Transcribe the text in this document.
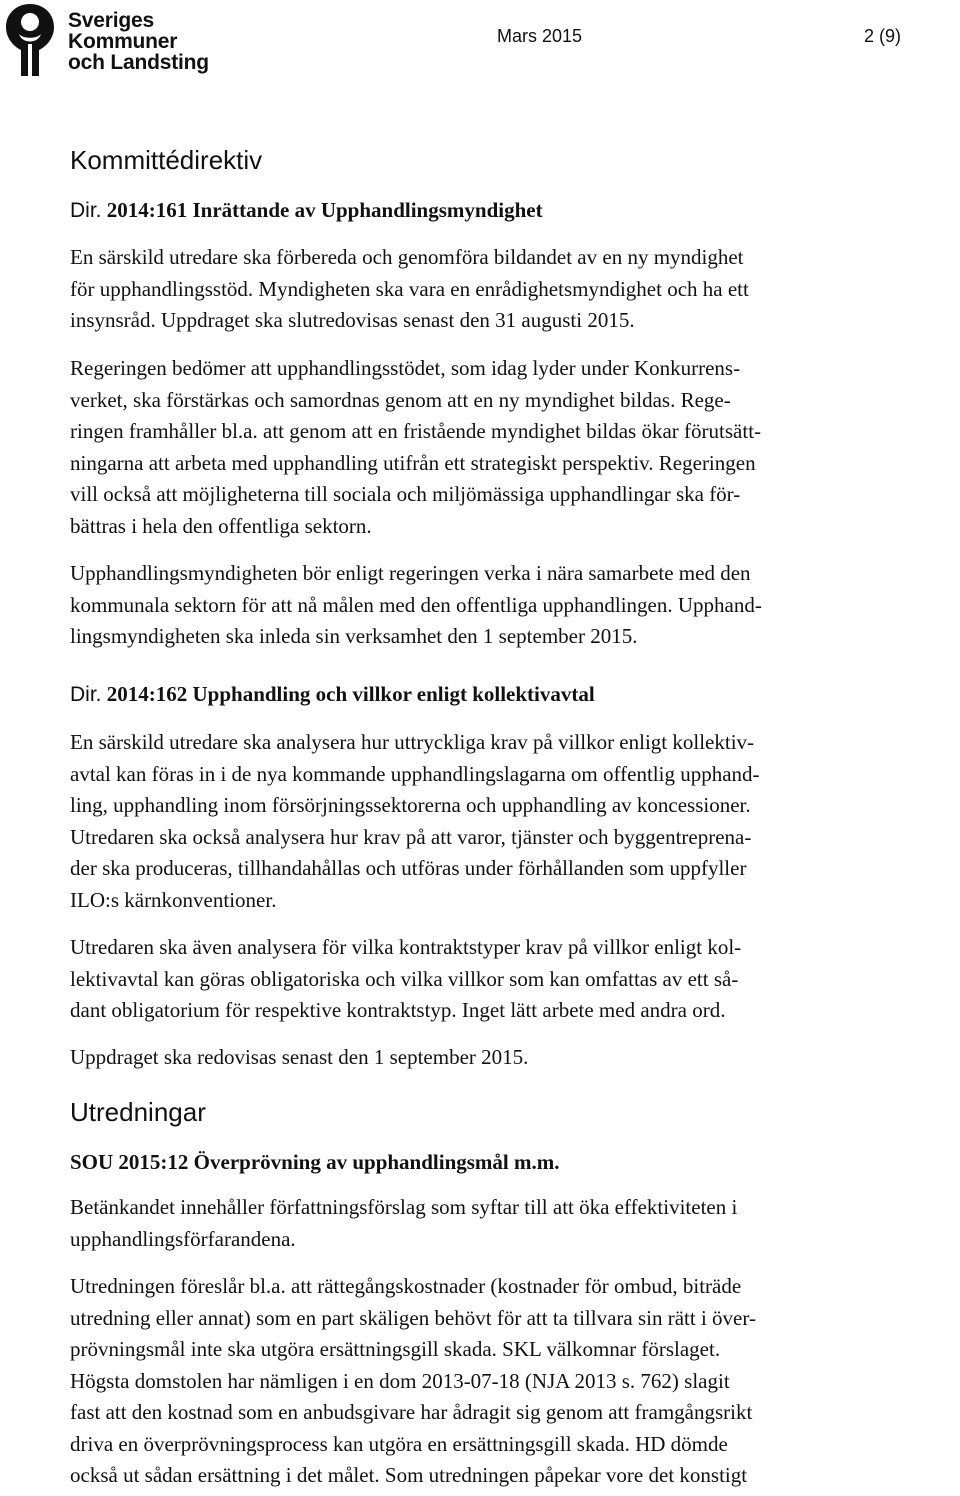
Sveriges
Kommuner
och Landsting
Mars 2015	2 (9)
Kommittédirektiv
Dir. 2014:161 Inrättande av Upphandlingsmyndighet
En särskild utredare ska förbereda och genomföra bildandet av en ny myndighet
för upphandlingsstöd. Myndigheten ska vara en enrådighetsmyndighet och ha ett
insynsråd. Uppdraget ska slutredovisas senast den 31 augusti 2015.
Regeringen bedömer att upphandlingsstödet, som idag lyder under Konkurrens-
verket, ska förstärkas och samordnas genom att en ny myndighet bildas. Rege-
ringen framhåller bl.a. att genom att en fristående myndighet bildas ökar förutsätt-
ningarna att arbeta med upphandling utifrån ett strategiskt perspektiv. Regeringen
vill också att möjligheterna till sociala och miljömässiga upphandlingar ska för-
bättras i hela den offentliga sektorn.
Upphandlingsmyndigheten bör enligt regeringen verka i nära samarbete med den
kommunala sektorn för att nå målen med den offentliga upphandlingen. Upphand-
lingsmyndigheten ska inleda sin verksamhet den 1 september 2015.
Dir. 2014:162 Upphandling och villkor enligt kollektivavtal
En särskild utredare ska analysera hur uttryckliga krav på villkor enligt kollektiv-
avtal kan föras in i de nya kommande upphandlingslagarna om offentlig upphand-
ling, upphandling inom försörjningssektorerna och upphandling av koncessioner.
Utredaren ska också analysera hur krav på att varor, tjänster och byggentreprena-
der ska produceras, tillhandahållas och utföras under förhållanden som uppfyller
ILO:s kärnkonventioner.
Utredaren ska även analysera för vilka kontraktstyper krav på villkor enligt kol-
lektivavtal kan göras obligatoriska och vilka villkor som kan omfattas av ett så-
dant obligatorium för respektive kontraktstyp. Inget lätt arbete med andra ord.
Uppdraget ska redovisas senast den 1 september 2015.
Utredningar
SOU 2015:12 Överprövning av upphandlingsmål m.m.
Betänkandet innehåller författningsförslag som syftar till att öka effektiviteten i
upphandlingsförfarandena.
Utredningen föreslår bl.a. att rättegångskostnader (kostnader för ombud, biträde
utredning eller annat) som en part skäligen behövt för att ta tillvara sin rätt i över-
prövningsmål inte ska utgöra ersättningsgill skada. SKL välkomnar förslaget.
Högsta domstolen har nämligen i en dom 2013-07-18 (NJA 2013 s. 762) slagit
fast att den kostnad som en anbudsgivare har ådragit sig genom att framgångsrikt
driva en överprövningsprocess kan utgöra en ersättningsgill skada. HD dömde
också ut sådan ersättning i det målet. Som utredningen påpekar vore det konstigt
